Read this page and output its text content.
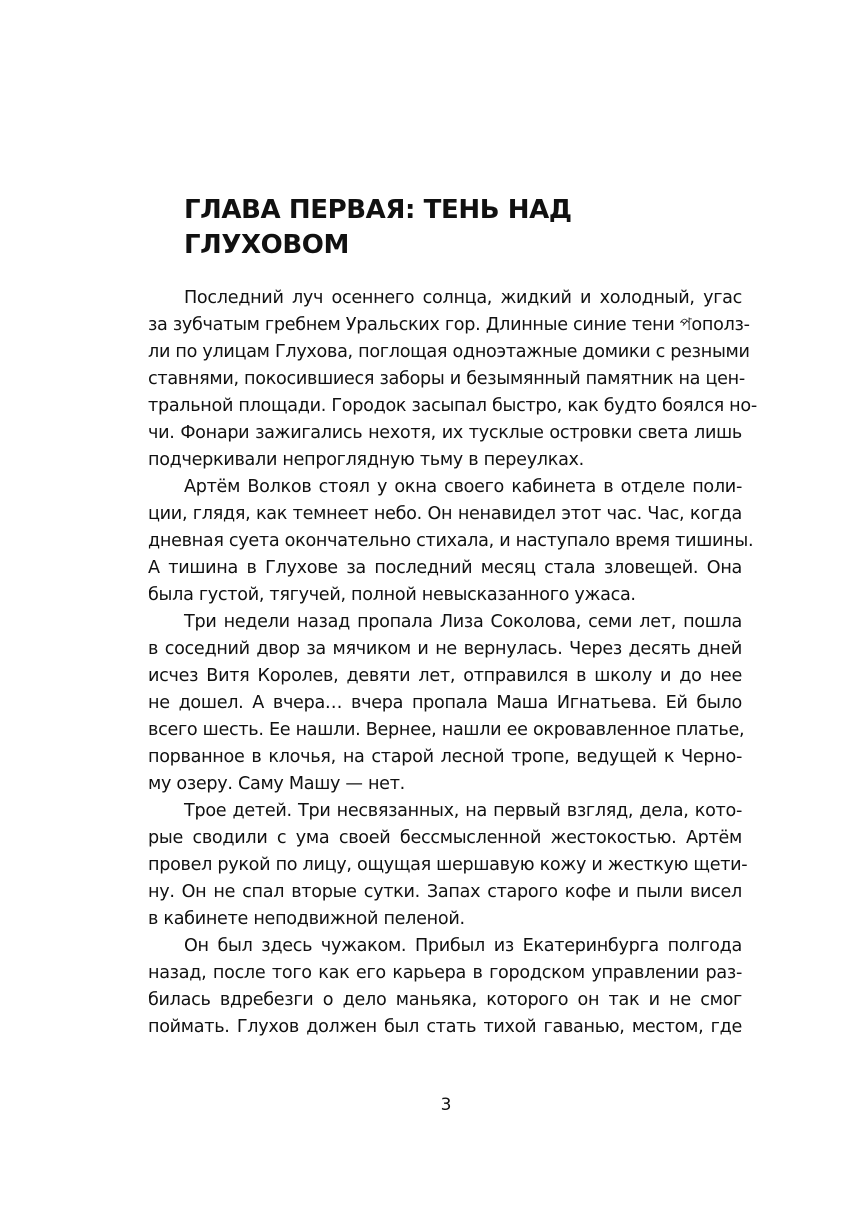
ГЛАВА ПЕРВАЯ: ТЕНЬ НАД
ГЛУХОВОМ
Последний луч осеннего солнца, жидкий и холодный, угас
за зубчатым гребнем Уральских гор. Длинные синие тени পополз-
ли по улицам Глухова, поглощая одноэтажные домики с резными
ставнями, покосившиеся заборы и безымянный памятник на цен-
тральной площади. Городок засыпал быстро, как будто боялся но-
чи. Фонари зажигались нехотя, их тусклые островки света лишь
подчеркивали непроглядную тьму в переулках.
Артём Волков стоял у окна своего кабинета в отделе поли-
ции, глядя, как темнеет небо. Он ненавидел этот час. Час, когда
дневная суета окончательно стихала, и наступало время тишины.
А тишина в Глухове за последний месяц стала зловещей. Она
была густой, тягучей, полной невысказанного ужаса.
Три недели назад пропала Лиза Соколова, семи лет, пошла
в соседний двор за мячиком и не вернулась. Через десять дней
исчез Витя Королев, девяти лет, отправился в школу и до нее
не дошел. А вчера… вчера пропала Маша Игнатьева. Ей было
всего шесть. Ее нашли. Вернее, нашли ее окровавленное платье,
порванное в клочья, на старой лесной тропе, ведущей к Черно-
му озеру. Саму Машу — нет.
Трое детей. Три несвязанных, на первый взгляд, дела, кото-
рые сводили с ума своей бессмысленной жестокостью. Артём
провел рукой по лицу, ощущая шершавую кожу и жесткую щети-
ну. Он не спал вторые сутки. Запах старого кофе и пыли висел
в кабинете неподвижной пеленой.
Он был здесь чужаком. Прибыл из Екатеринбурга полгода
назад, после того как его карьера в городском управлении раз-
билась вдребезги о дело маньяка, которого он так и не смог
поймать. Глухов должен был стать тихой гаванью, местом, где
3
